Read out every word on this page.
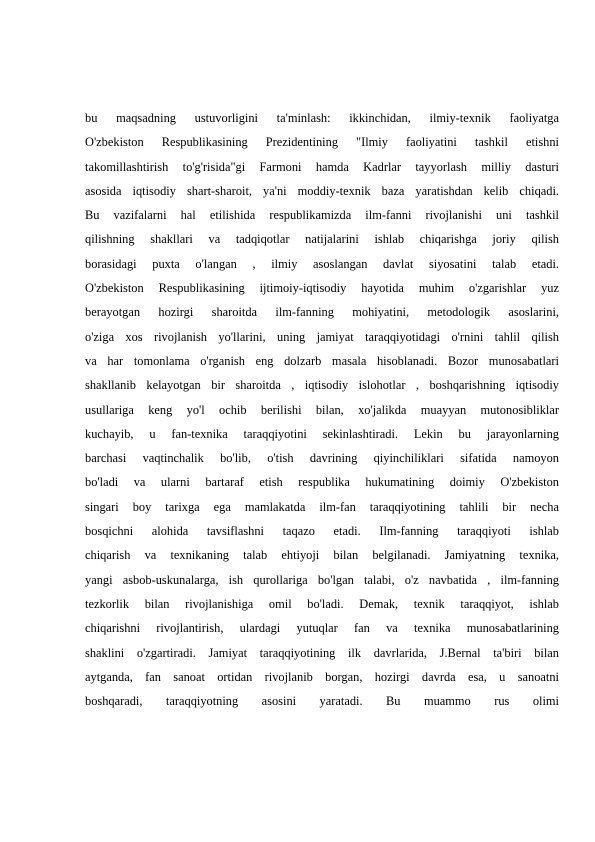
bu maqsadning ustuvorligini ta'minlash: ikkinchidan, ilmiy-texnik faoliyatga
O'zbekiston Respublikasining Prezidentining "Ilmiy faoliyatini tashkil etishni
takomillashtirish to'g'risida"gi Farmoni hamda Kadrlar tayyorlash milliy dasturi
asosida iqtisodiy shart-sharoit, ya'ni moddiy-texnik baza yaratishdan kelib chiqadi.
Bu vazifalarni hal etilishida respublikamizda ilm-fanni rivojlanishi uni tashkil
qilishning shakllari va tadqiqotlar natijalarini ishlab chiqarishga joriy qilish
borasidagi puxta o'langan , ilmiy asoslangan davlat siyosatini talab etadi.
O'zbekiston Respublikasining ijtimoiy-iqtisodiy hayotida muhim o'zgarishlar yuz
berayotgan hozirgi sharoitda ilm-fanning mohiyatini, metodologik asoslarini,
o'ziga xos rivojlanish yo'llarini, uning jamiyat taraqqiyotidagi o'rnini tahlil qilish
va har tomonlama o'rganish eng dolzarb masala hisoblanadi. Bozor munosabatlari
shakllanib kelayotgan bir sharoitda , iqtisodiy islohotlar , boshqarishning iqtisodiy
usullariga keng yo'l ochib berilishi bilan, xo'jalikda muayyan mutonosibliklar
kuchayib, u fan-texnika taraqqiyotini sekinlashtiradi. Lekin bu jarayonlarning
barchasi vaqtinchalik bo'lib, o'tish davrining qiyinchiliklari sifatida namoyon
bo'ladi va ularni bartaraf etish respublika hukumatining doimiy O'zbekiston
singari boy tarixga ega mamlakatda ilm-fan taraqqiyotining tahlili bir necha
bosqichni alohida tavsiflashni taqazo etadi. Ilm-fanning taraqqiyoti ishlab
chiqarish va texnikaning talab ehtiyoji bilan belgilanadi. Jamiyatning texnika,
yangi asbob-uskunalarga, ish qurollariga bo'lgan talabi, o'z navbatida , ilm-fanning
tezkorlik bilan rivojlanishiga omil bo'ladi. Demak, texnik taraqqiyot, ishlab
chiqarishni rivojlantirish, ulardagi yutuqlar fan va texnika munosabatlarining
shaklini o'zgartiradi. Jamiyat taraqqiyotining ilk davrlarida, J.Bernal ta'biri bilan
aytganda, fan sanoat ortidan rivojlanib borgan, hozirgi davrda esa, u sanoatni
boshqaradi, taraqqiyotning asosini yaratadi. Bu muammo rus olimi
